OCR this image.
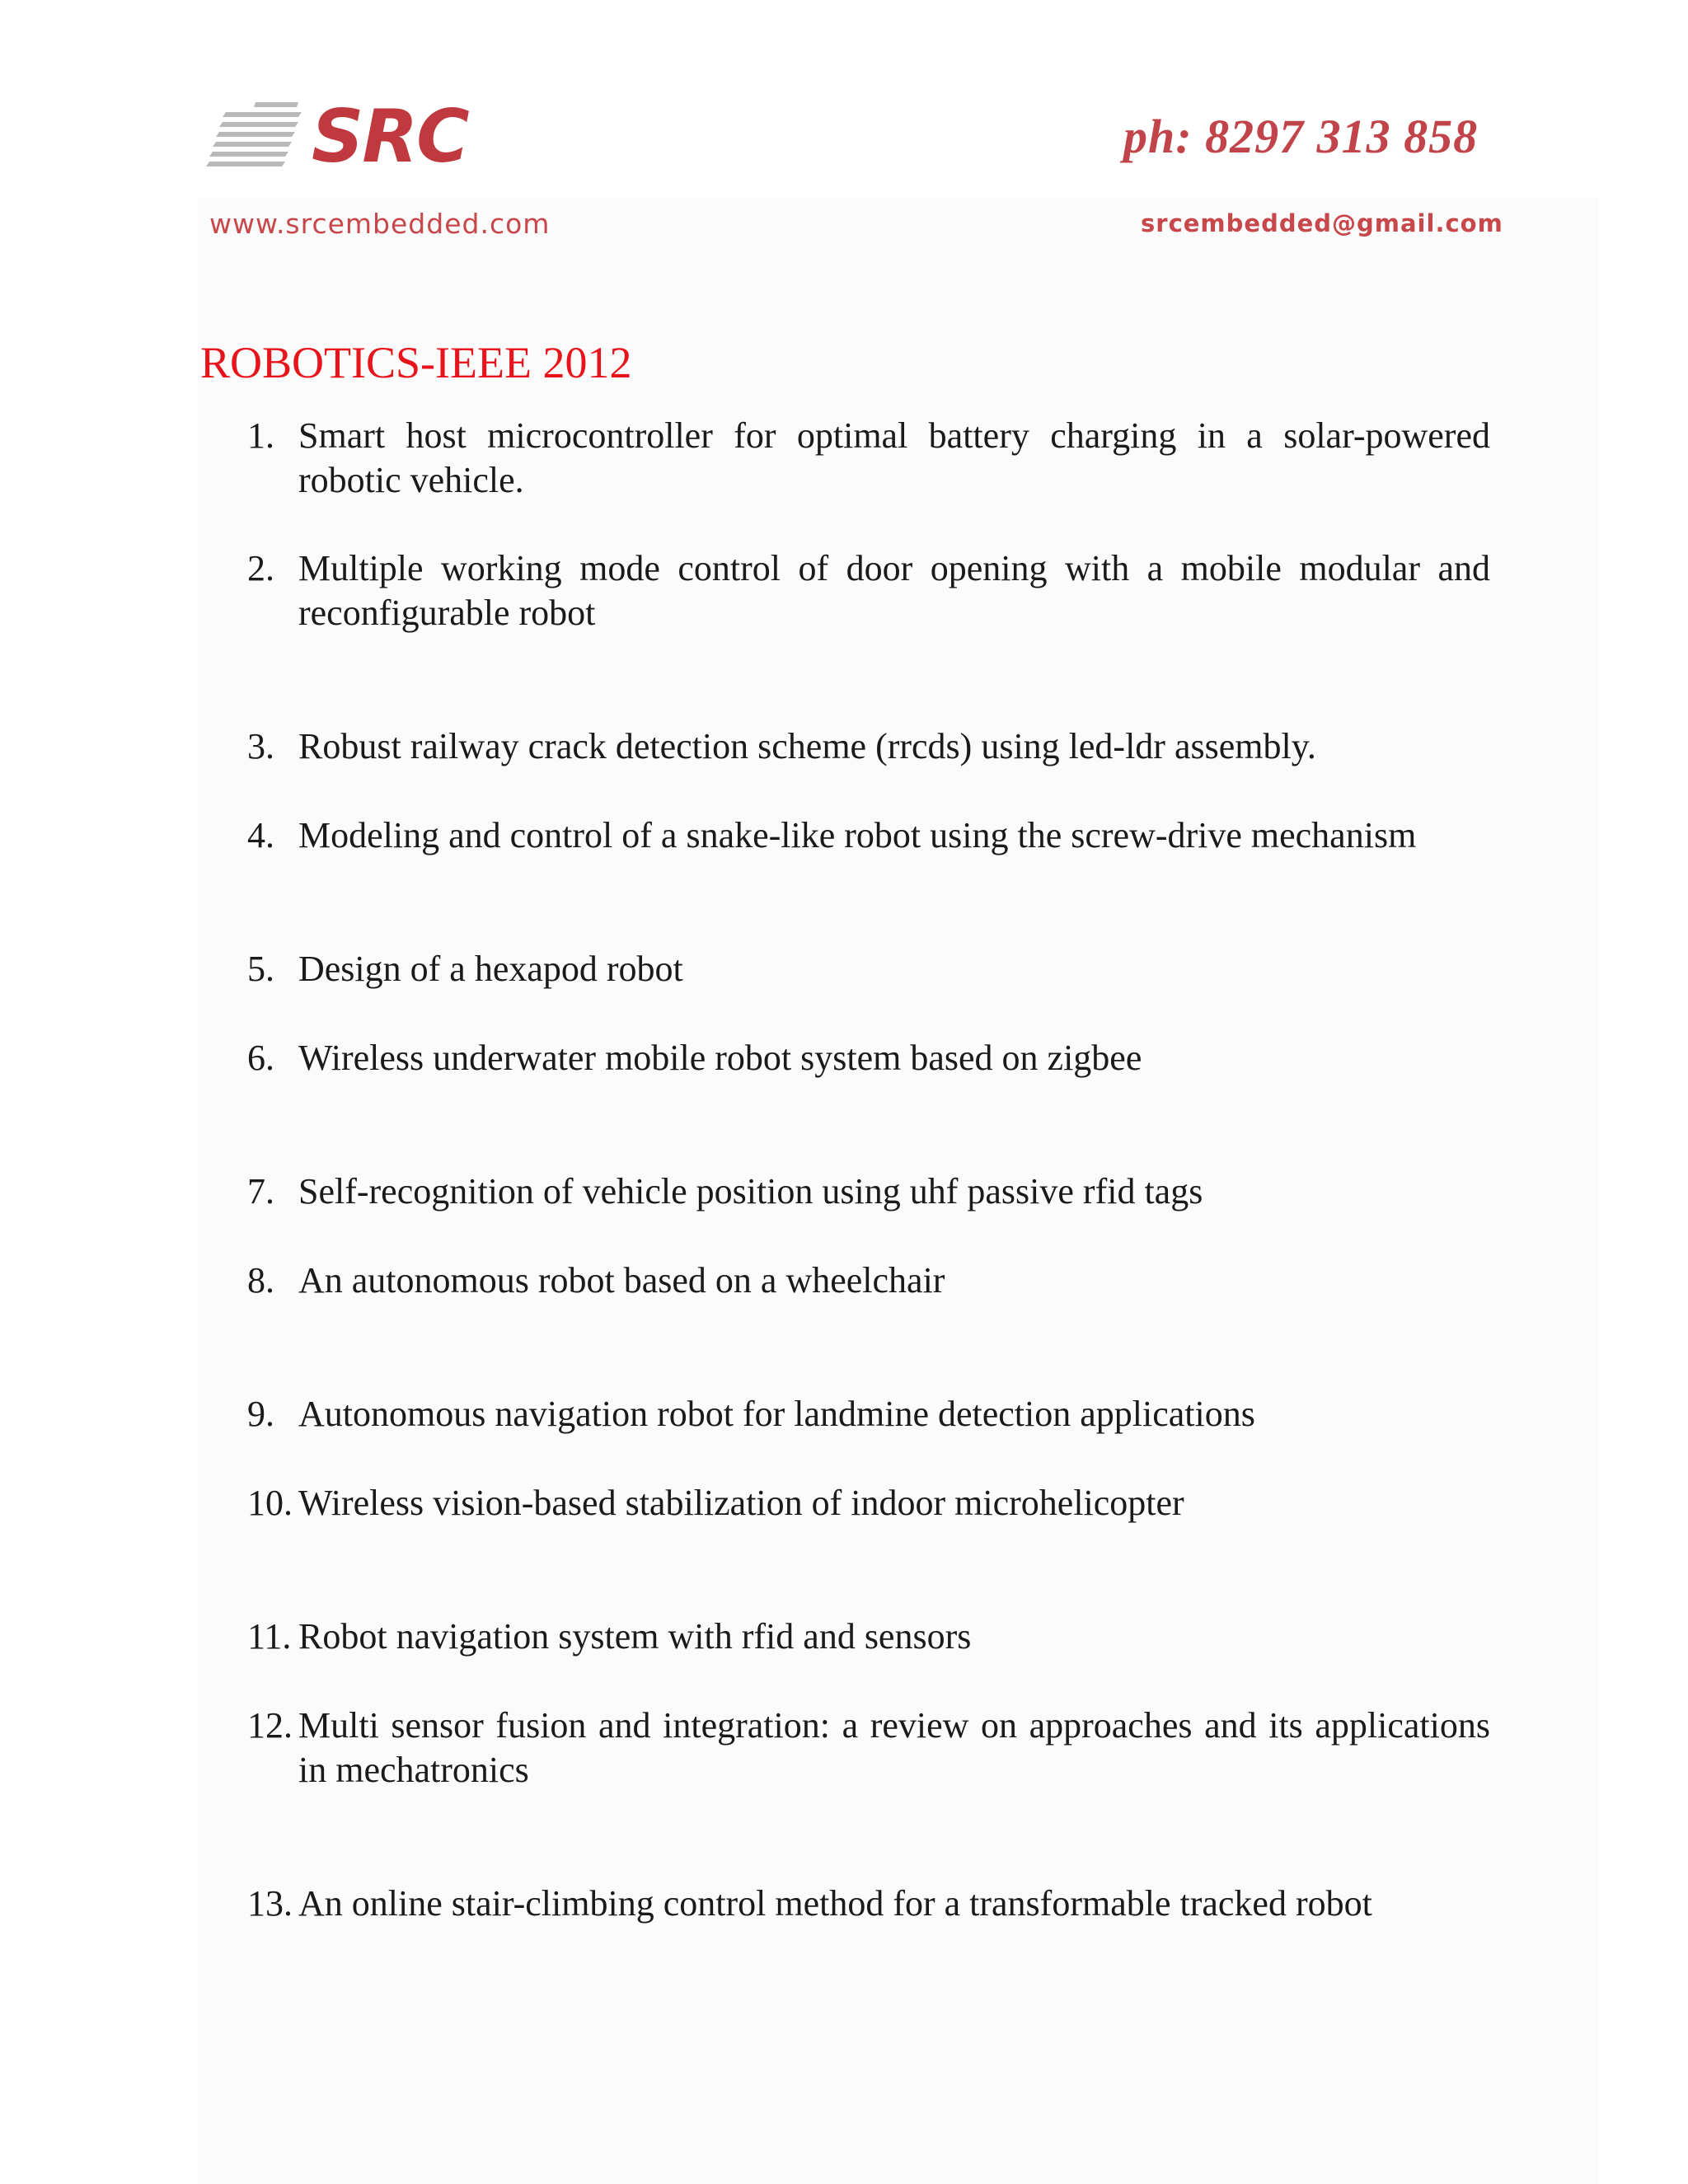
SRC
www.srcembedded.com
ph: 8297 313 858
srcembedded@gmail.com
ROBOTICS-IEEE 2012
1. Smart host microcontroller for optimal battery charging in a solar-powered robotic vehicle.
2. Multiple working mode control of door opening with a mobile modular and reconfigurable robot
3. Robust railway crack detection scheme (rrcds) using led-ldr assembly.
4. Modeling and control of a snake-like robot using the screw-drive mechanism
5. Design of a hexapod robot
6. Wireless underwater mobile robot system based on zigbee
7. Self-recognition of vehicle position using uhf passive rfid tags
8. An autonomous robot based on a wheelchair
9. Autonomous navigation robot for landmine detection applications
10. Wireless vision-based stabilization of indoor microhelicopter
11. Robot navigation system with rfid and sensors
12. Multi sensor fusion and integration: a review on approaches and its applications in mechatronics
13. An online stair-climbing control method for a transformable tracked robot
